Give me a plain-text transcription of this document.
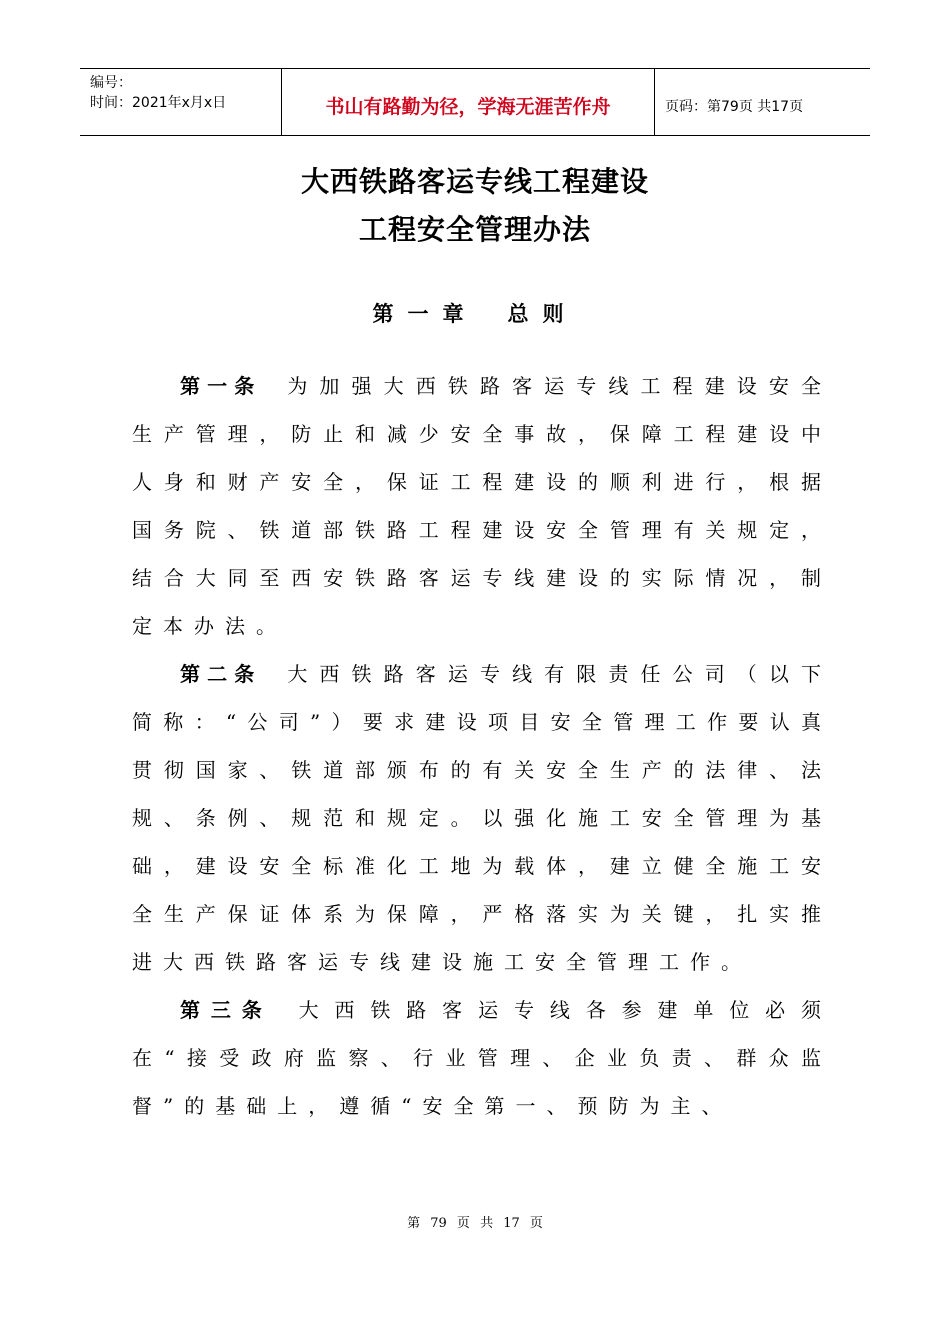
编号：
时间：2021年x月x日	书山有路勤为径，学海无涯苦作舟	页码：第79页 共17页
大西铁路客运专线工程建设
工程安全管理办法
第一章 总则
第一条 为加强大西铁路客运专线工程建设安全生产管理，防止和减少安全事故，保障工程建设中人身和财产安全，保证工程建设的顺利进行，根据国务院、铁道部铁路工程建设安全管理有关规定，结合大同至西安铁路客运专线建设的实际情况，制定本办法。
第二条 大西铁路客运专线有限责任公司（以下简称：“公司”）要求建设项目安全管理工作要认真贯彻国家、铁道部颁布的有关安全生产的法律、法规、条例、规范和规定。以强化施工安全管理为基础，建设安全标准化工地为载体，建立健全施工安全生产保证体系为保障，严格落实为关键，扎实推进大西铁路客运专线建设施工安全管理工作。
第三条 大西铁路客运专线各参建单位必须在“接受政府监察、行业管理、企业负责、群众监督”的基础上，遵循“安全第一、预防为主、
第 79 页 共 17 页
